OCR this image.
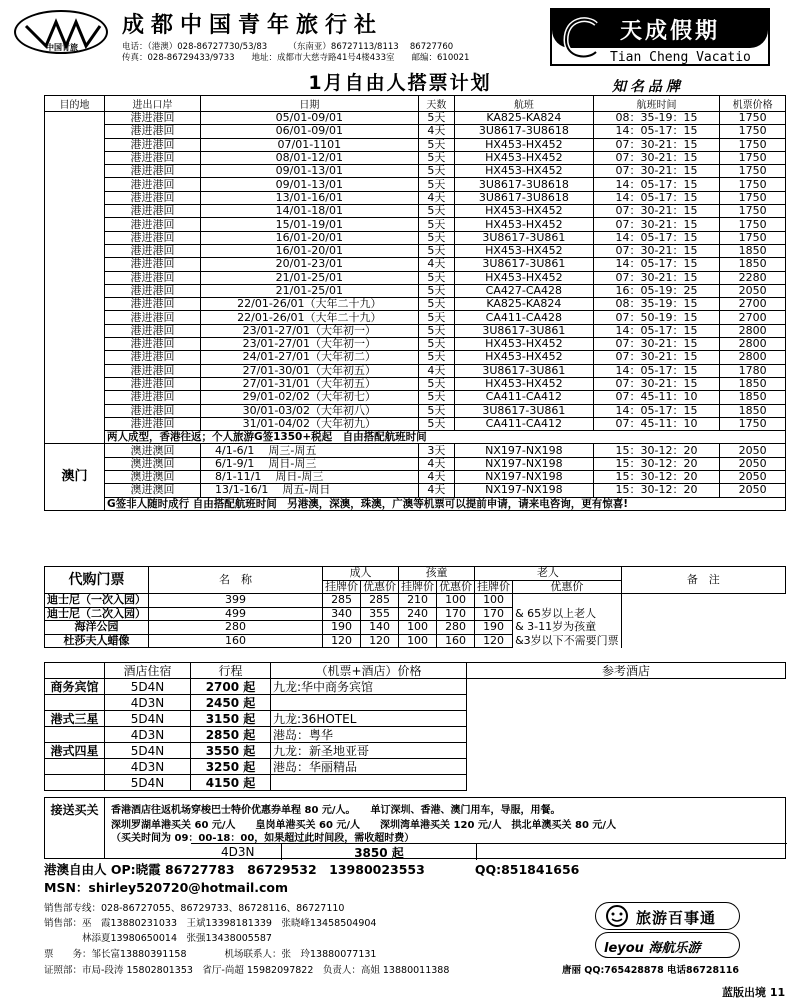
中国青旅
成都中国青年旅行社
电话：（港澳）028-86727730/53/83　　　（东南亚）86727113/8113　 86727760
传真：028-86729433/9733　　地址：成都市大慈寺路41号4楼433室　　邮编：610021
天成假期
Tian Cheng Vacatio
1月自由人搭票计划	知名品牌
目的地	进出口岸	日期	天数	航班	航班时间	机票价格
	港进港回	05/01-09/01	5天	KA825-KA824	08：35-19：15	1750
	港进港回	06/01-09/01	4天	3U8617-3U8618	14：05-17：15	1750
	港进港回	07/01-1101	5天	HX453-HX452	07：30-21：15	1750
	港进港回	08/01-12/01	5天	HX453-HX452	07：30-21：15	1750
	港进港回	09/01-13/01	5天	HX453-HX452	07：30-21：15	1750
	港进港回	09/01-13/01	5天	3U8617-3U8618	14：05-17：15	1750
	港进港回	13/01-16/01	4天	3U8617-3U8618	14：05-17：15	1750
	港进港回	14/01-18/01	5天	HX453-HX452	07：30-21：15	1750
	港进港回	15/01-19/01	5天	HX453-HX452	07：30-21：15	1750
	港进港回	16/01-20/01	5天	3U8617-3U861	14：05-17：15	1750
	港进港回	16/01-20/01	5天	HX453-HX452	07：30-21：15	1850
	港进港回	20/01-23/01	4天	3U8617-3U861	14：05-17：15	1850
	港进港回	21/01-25/01	5天	HX453-HX452	07：30-21：15	2280
	港进港回	21/01-25/01	5天	CA427-CA428	16：05-19：25	2050
	港进港回	22/01-26/01（大年二十九）	5天	KA825-KA824	08：35-19：15	2700
	港进港回	22/01-26/01（大年二十九）	5天	CA411-CA428	07：50-19：15	2700
	港进港回	23/01-27/01（大年初一）	5天	3U8617-3U861	14：05-17：15	2800
	港进港回	23/01-27/01（大年初一）	5天	HX453-HX452	07：30-21：15	2800
	港进港回	24/01-27/01（大年初二）	5天	HX453-HX452	07：30-21：15	2800
	港进港回	27/01-30/01（大年初五）	4天	3U8617-3U861	14：05-17：15	1780
	港进港回	27/01-31/01（大年初五）	5天	HX453-HX452	07：30-21：15	1850
	港进港回	29/01-02/02（大年初七）	5天	CA411-CA412	07：45-11：10	1850
	港进港回	30/01-03/02（大年初八）	5天	3U8617-3U861	14：05-17：15	1850
	港进港回	31/01-04/02（大年初九）	5天	CA411-CA412	07：45-11：10	1750
	两人成型，香港往返；个人旅游G签1350+税起　自由搭配航班时间					
澳门	澳进澳回	4/1-6/1    周三-周五	3天	NX197-NX198	15：30-12：20	2050
	澳进澳回	6/1-9/1    周日-周三	4天	NX197-NX198	15：30-12：20	2050
	澳进澳回	8/1-11/1    周日-周三	4天	NX197-NX198	15：30-12：20	2050
	澳进澳回	13/1-16/1    周五-周日	4天	NX197-NX198	15：30-12：20	2050
	G签非人随时成行 自由搭配航班时间　另港澳，深澳，珠澳，广澳等机票可以提前申请，请来电咨询，更有惊喜!					
代购门票	名　称	成人		孩童		老人		备　注
		挂牌价	优惠价	挂牌价	优惠价	挂牌价	优惠价	
迪士尼（一次入园）	399	285	285	210	100	100		
迪士尼（二次入园）	499	340	355	240	170	170	& 65岁以上老人	
海洋公园	280	190	140	100	280	190	& 3-11岁为孩童	
杜莎夫人蜡像	160	120	120	100	160	120	&3岁以下不需要门票	
	酒店住宿	行程	（机票+酒店）价格	参考酒店
商务宾馆	5D4N	2700 起	九龙:华中商务宾馆	
	4D3N	2450 起		
港式三星	5D4N	3150 起	九龙:36HOTEL	
	4D3N	2850 起	港岛：粤华	
港式四星	5D4N	3550 起	九龙：新圣地亚哥	
	4D3N	3250 起	港岛：华丽精品	
	5D4N	4150 起		
接送买关	香港酒店往返机场穿梭巴士特价优惠券单程 80 元/人。　　单订深圳、香港、澳门用车，导服，用餐。
深圳罗湖单港买关 60 元/人　　皇岗单港买关 60 元/人　　深圳湾单港买关 120 元/人　拱北单澳买关 80 元/人
（买关时间为 09：00-18：00，如果超过此时间段，需收超时费）
4D3N	3850 起
港澳自由人 OP:晓霞 86727783　86729532　13980023553　　　　QQ:851841656
MSN：shirley520720@hotmail.com
销售部专线：028-86727055、86729733、86728116、86727110
销售部：巫　霞13880231033　王斌13398181339　张晓峰13458504904
　　　　林添夏13980650014　张强13438005587
票　　务：邹长富13880391158　　　　机场联系人：张　玲13880077131
证照部：市局-段涛 15802801353　省厅-尚超 15982097822　负责人：高姐 13880011388
旅游百事通
leyou 海航乐游
唐丽 QQ:765428878 电话86728116
蓝版出境 11
